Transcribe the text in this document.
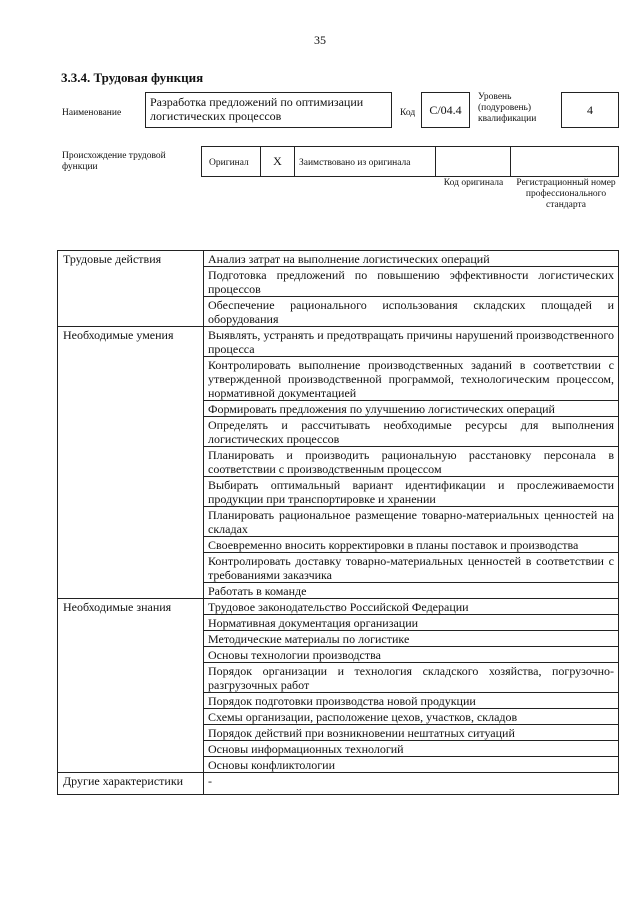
35
3.3.4. Трудовая функция
Наименование
Разработка предложений по оптимизации логистических процессов	Код	C/04.4
Уровень (подуровень) квалификации
4
Происхождение трудовой функции	Оригинал	X	Заимствовано из оригинала
Код оригинала	Регистрационный номер профессионального стандарта
Трудовые действия	Анализ затрат на выполнение логистических операций
	Подготовка предложений по повышению эффективности логистических процессов
	Обеспечение рационального использования складских площадей и оборудования
Необходимые умения	Выявлять, устранять и предотвращать причины нарушений производственного процесса
	Контролировать выполнение производственных заданий в соответствии с утвержденной производственной программой, технологическим процессом, нормативной документацией
	Формировать предложения по улучшению логистических операций
	Определять и рассчитывать необходимые ресурсы для выполнения логистических процессов
	Планировать и производить рациональную расстановку персонала в соответствии с производственным процессом
	Выбирать оптимальный вариант идентификации и прослеживаемости продукции при транспортировке и хранении
	Планировать рациональное размещение товарно-материальных ценностей на складах
	Своевременно вносить корректировки в планы поставок и производства
	Контролировать доставку товарно-материальных ценностей в соответствии с требованиями заказчика
	Работать в команде
Необходимые знания	Трудовое законодательство Российской Федерации
	Нормативная документация организации
	Методические материалы по логистике
	Основы технологии производства
	Порядок организации и технология складского хозяйства, погрузочно-разгрузочных работ
	Порядок подготовки производства новой продукции
	Схемы организации, расположение цехов, участков, складов
	Порядок действий при возникновении нештатных ситуаций
	Основы информационных технологий
	Основы конфликтологии
Другие характеристики	-
